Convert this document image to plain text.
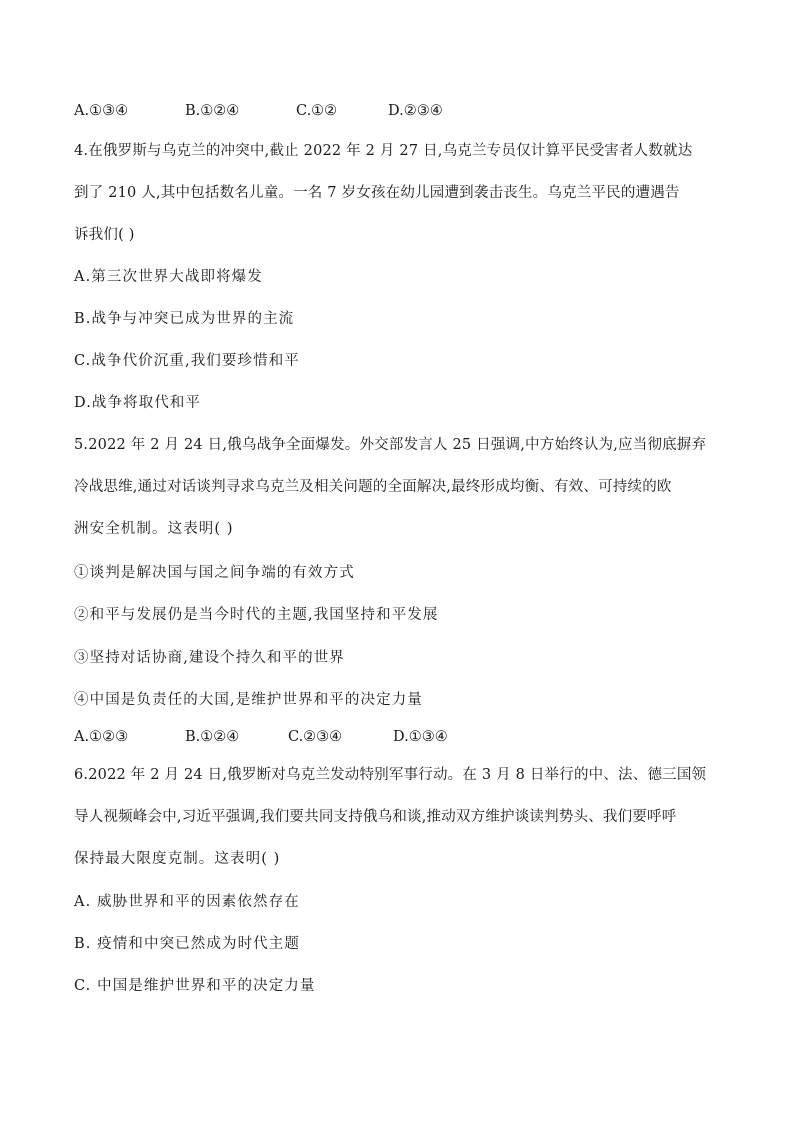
A.①③④	B.①②④	C.①②	D.②③④
4.在俄罗斯与乌克兰的冲突中,截止 2022 年 2 月 27 日,乌克兰专员仅计算平民受害者人数就达
到了 210 人,其中包括数名儿童。一名 7 岁女孩在幼儿园遭到袭击丧生。乌克兰平民的遭遇告
诉我们( )
A.第三次世界大战即将爆发
B.战争与冲突已成为世界的主流
C.战争代价沉重,我们要珍惜和平
D.战争将取代和平
5.2022 年 2 月 24 日,俄乌战争全面爆发。外交部发言人 25 日强调,中方始终认为,应当彻底摒弃
冷战思维,通过对话谈判寻求乌克兰及相关问题的全面解决,最终形成均衡、有效、可持续的欧
洲安全机制。这表明( )
①谈判是解决国与国之间争端的有效方式
②和平与发展仍是当今时代的主题,我国坚持和平发展
③坚持对话协商,建设个持久和平的世界
④中国是负责任的大国,是维护世界和平的决定力量
A.①②③	B.①②④	C.②③④	D.①③④
6.2022 年 2 月 24 日,俄罗断对乌克兰发动特别军事行动。在 3 月 8 日举行的中、法、德三国领
导人视频峰会中,习近平强调,我们要共同支持俄乌和谈,推动双方维护谈读判势头、我们要呼呼
保持最大限度克制。这表明( )
A. 威胁世界和平的因素依然存在
B. 疫情和中突已然成为时代主题
C. 中国是维护世界和平的决定力量
